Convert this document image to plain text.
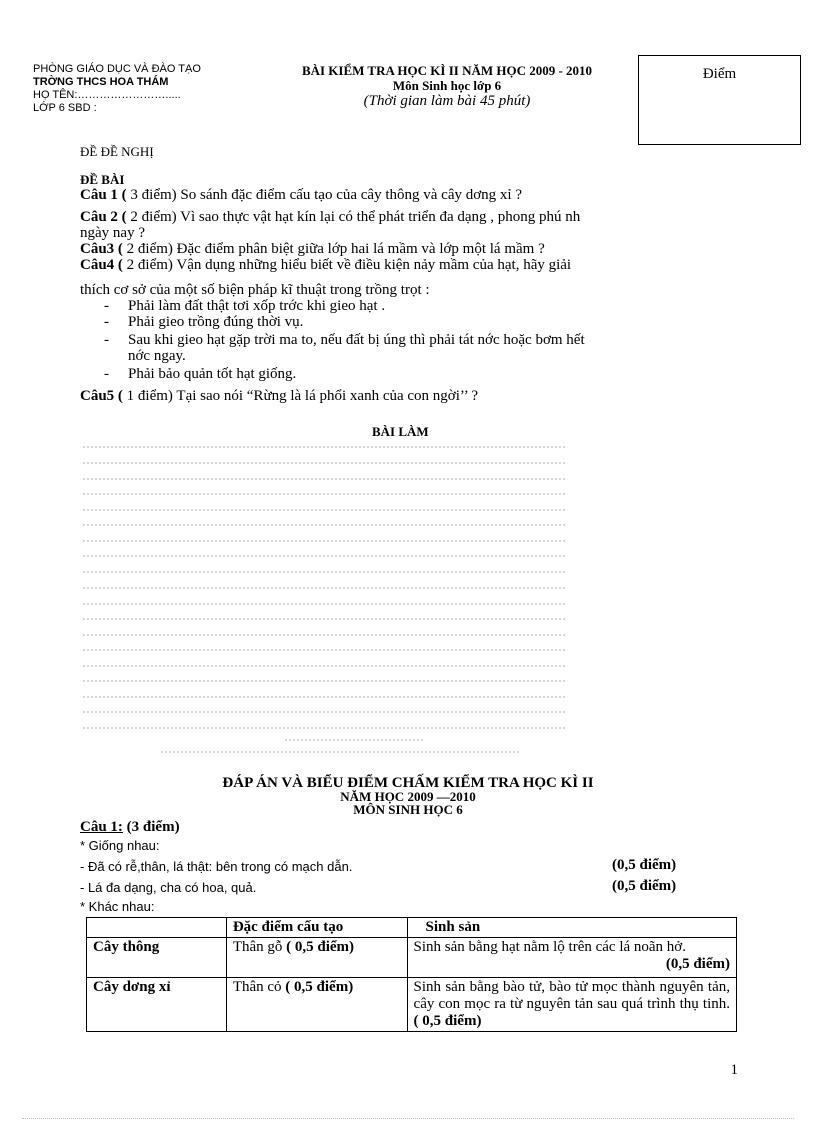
PHÒNG GIÁO DỤC VÀ ĐÀO TẠO
TRỜNG THCS HOA THÁM
HỌ TÊN:…………………….....
LỚP 6 SBD :
BÀI KIỂM TRA HỌC KÌ II NĂM HỌC 2009 - 2010
Môn Sinh học lớp 6
(Thời gian làm bài 45 phút)
Điểm
ĐỀ ĐỀ NGHỊ
ĐỀ BÀI
Câu 1 ( 3 điểm) So sánh đặc điểm cấu tạo của cây thông và cây dơng xỉ ?
Câu 2 ( 2 điểm) Vì sao thực vật hạt kín lại có thể phát triển đa dạng , phong phú nh
ngày nay ?
Câu3 ( 2 điểm) Đặc điểm phân biệt giữa lớp hai lá mầm và lớp một lá mầm ?
Câu4 ( 2 điểm) Vận dụng những hiểu biết về điều kiện nảy mầm của hạt, hãy giải
thích cơ sở của một số biện pháp kĩ thuật trong trồng trọt :
- Phải làm đất thật tơi xốp trớc khi gieo hạt .
- Phải gieo trồng đúng thời vụ.
- Sau khi gieo hạt gặp trời ma to, nếu đất bị úng thì phải tát nớc hoặc bơm hết
nớc ngay.
- Phải bảo quản tốt hạt giống.
Câu5 ( 1 điểm) Tại sao nói “Rừng là lá phổi xanh của con ngời’’ ?
BÀI LÀM
ĐÁP ÁN VÀ BIỂU ĐIỂM CHẤM KIỂM TRA HỌC KÌ II
NĂM HỌC 2009 —2010
MÔN SINH HỌC 6
Câu 1: (3 điểm)
* Giống nhau:
- Đã có rễ,thân, lá thật: bên trong có mạch dẫn.	(0,5 điểm)
- Lá đa dạng, cha có hoa, quả.	(0,5 điểm)
* Khác nhau:
	Đặc điểm cấu tạo	Sinh sản
Cây thông	Thân gỗ ( 0,5 điểm)	Sinh sản bằng hạt nằm lộ trên các lá noãn hở.
(0,5 điểm)

Cây dơng xỉ	Thân cỏ ( 0,5 điểm)	Sinh sản bằng bào tử, bào tử mọc thành nguyên tản, cây con mọc ra từ nguyên tản sau quá trình thụ tinh. ( 0,5 điểm)
1
